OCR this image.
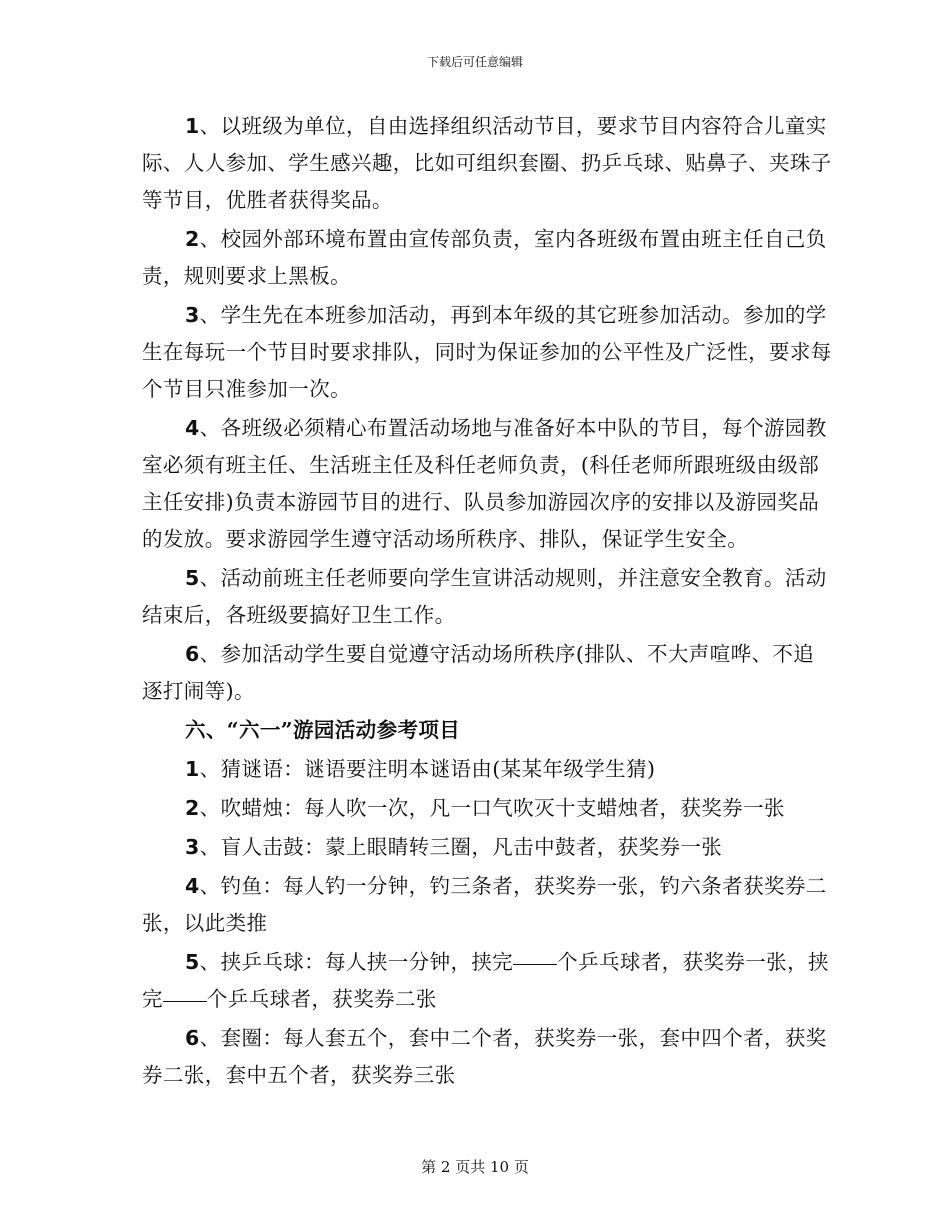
下载后可任意编辑

1、以班级为单位，自由选择组织活动节目，要求节目内容符合儿童实际、人人参加、学生感兴趣，比如可组织套圈、扔乒乓球、贴鼻子、夹珠子等节目，优胜者获得奖品。

2、校园外部环境布置由宣传部负责，室内各班级布置由班主任自己负责，规则要求上黑板。

3、学生先在本班参加活动，再到本年级的其它班参加活动。参加的学生在每玩一个节目时要求排队，同时为保证参加的公平性及广泛性，要求每个节目只准参加一次。

4、各班级必须精心布置活动场地与准备好本中队的节目，每个游园教室必须有班主任、生活班主任及科任老师负责，(科任老师所跟班级由级部主任安排)负责本游园节目的进行、队员参加游园次序的安排以及游园奖品的发放。要求游园学生遵守活动场所秩序、排队，保证学生安全。

5、活动前班主任老师要向学生宣讲活动规则，并注意安全教育。活动结束后，各班级要搞好卫生工作。

6、参加活动学生要自觉遵守活动场所秩序(排队、不大声喧哗、不追逐打闹等)。

六、“六一”游园活动参考项目

1、猜谜语：谜语要注明本谜语由(某某年级学生猜)

2、吹蜡烛：每人吹一次，凡一口气吹灭十支蜡烛者，获奖券一张

3、盲人击鼓：蒙上眼睛转三圈，凡击中鼓者，获奖券一张

4、钓鱼：每人钓一分钟，钓三条者，获奖券一张，钓六条者获奖券二张，以此类推

5、挟乒乓球：每人挟一分钟，挟完 个乒乓球者，获奖券一张，挟完 个乒乓球者，获奖券二张

6、套圈：每人套五个，套中二个者，获奖券一张，套中四个者，获奖券二张，套中五个者，获奖券三张

第 2 页共 10 页
